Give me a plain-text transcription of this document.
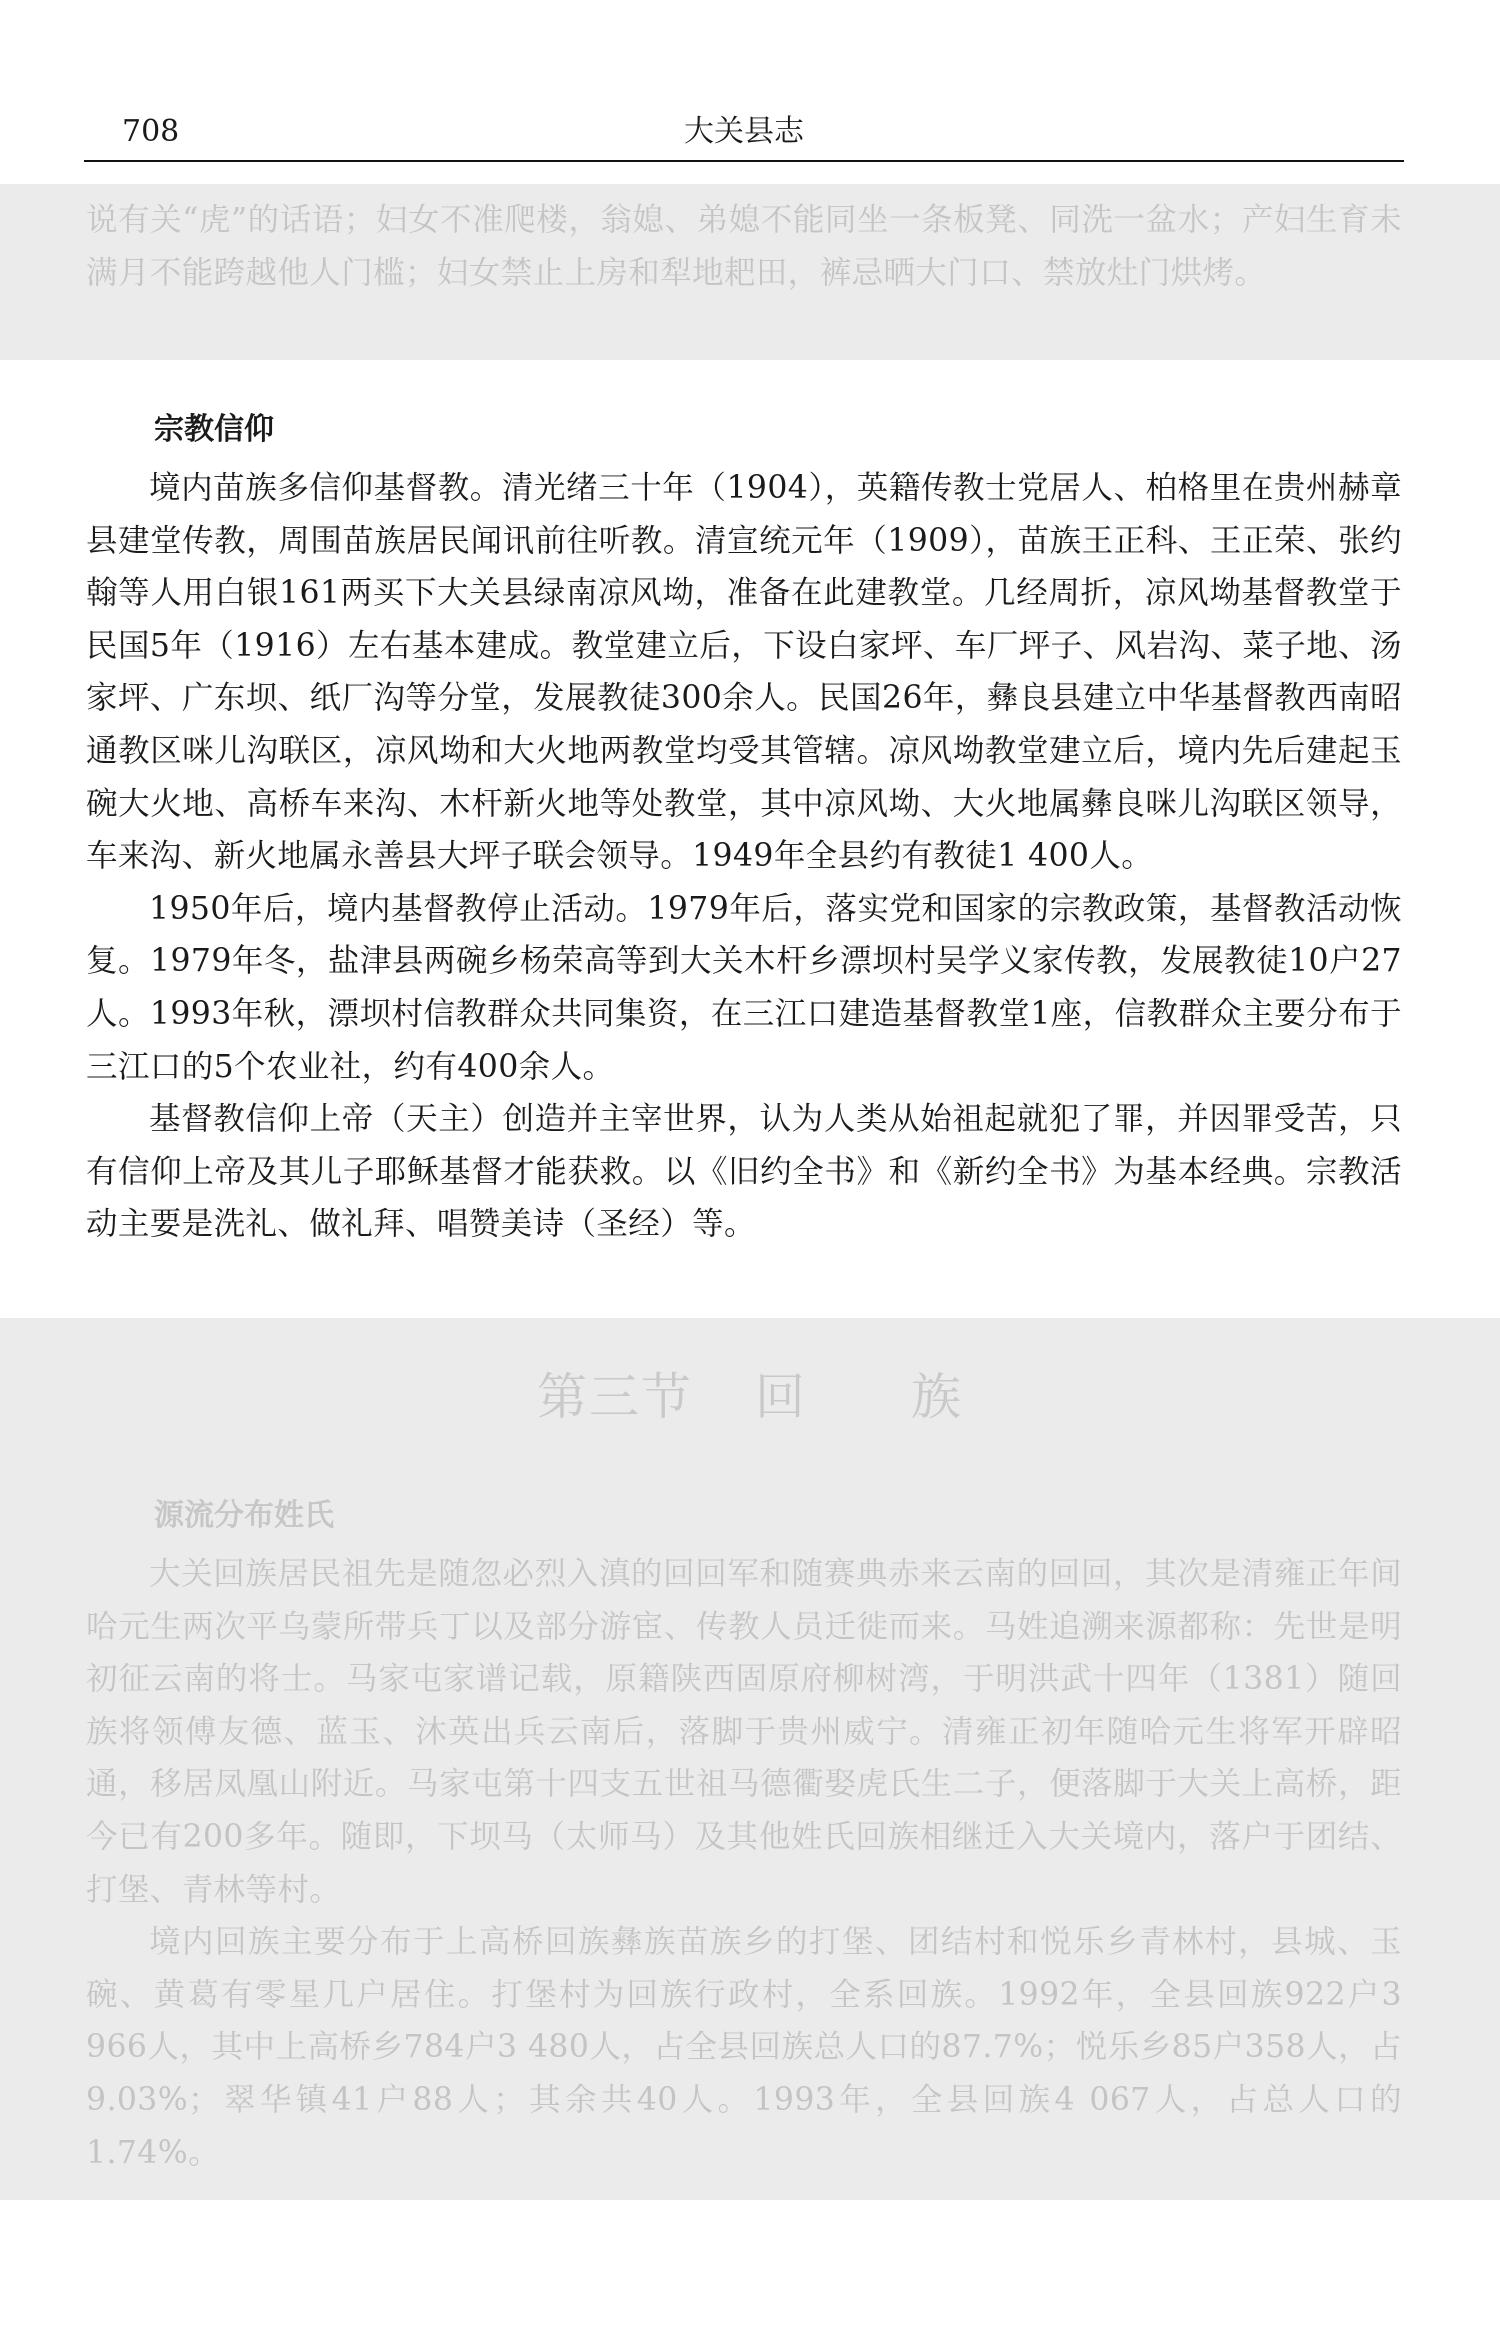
708	大关县志

说有关“虎”的话语；妇女不准爬楼，翁媳、弟媳不能同坐一条板凳、同洗一盆水；产妇生育未满月不能跨越他人门槛；妇女禁止上房和犁地耙田，裤忌晒大门口、禁放灶门烘烤。

宗教信仰

境内苗族多信仰基督教。清光绪三十年（1904），英籍传教士党居人、柏格里在贵州赫章县建堂传教，周围苗族居民闻讯前往听教。清宣统元年（1909），苗族王正科、王正荣、张约翰等人用白银161两买下大关县绿南凉风坳，准备在此建教堂。几经周折，凉风坳基督教堂于民国5年（1916）左右基本建成。教堂建立后，下设白家坪、车厂坪子、风岩沟、菜子地、汤家坪、广东坝、纸厂沟等分堂，发展教徒300余人。民国26年，彝良县建立中华基督教西南昭通教区咪儿沟联区，凉风坳和大火地两教堂均受其管辖。凉风坳教堂建立后，境内先后建起玉碗大火地、高桥车来沟、木杆新火地等处教堂，其中凉风坳、大火地属彝良咪儿沟联区领导，车来沟、新火地属永善县大坪子联会领导。1949年全县约有教徒1 400人。

1950年后，境内基督教停止活动。1979年后，落实党和国家的宗教政策，基督教活动恢复。1979年冬，盐津县两碗乡杨荣高等到大关木杆乡漂坝村吴学义家传教，发展教徒10户27人。1993年秋，漂坝村信教群众共同集资，在三江口建造基督教堂1座，信教群众主要分布于三江口的5个农业社，约有400余人。

基督教信仰上帝（天主）创造并主宰世界，认为人类从始祖起就犯了罪，并因罪受苦，只有信仰上帝及其儿子耶稣基督才能获救。以《旧约全书》和《新约全书》为基本经典。宗教活动主要是洗礼、做礼拜、唱赞美诗（圣经）等。

第三节 回 族
源流分布姓氏

大关回族居民祖先是随忽必烈入滇的回回军和随赛典赤来云南的回回，其次是清雍正年间哈元生两次平乌蒙所带兵丁以及部分游宦、传教人员迁徙而来。马姓追溯来源都称：先世是明初征云南的将士。马家屯家谱记载，原籍陕西固原府柳树湾，于明洪武十四年（1381）随回族将领傅友德、蓝玉、沐英出兵云南后，落脚于贵州威宁。清雍正初年随哈元生将军开辟昭通，移居凤凰山附近。马家屯第十四支五世祖马德衢娶虎氏生二子，便落脚于大关上高桥，距今已有200多年。随即，下坝马（太师马）及其他姓氏回族相继迁入大关境内，落户于团结、打堡、青林等村。

境内回族主要分布于上高桥回族彝族苗族乡的打堡、团结村和悦乐乡青林村，县城、玉碗、黄葛有零星几户居住。打堡村为回族行政村，全系回族。1992年，全县回族922户3 966人，其中上高桥乡784户3 480人，占全县回族总人口的87.7%；悦乐乡85户358人，占9.03%；翠华镇41户88人；其余共40人。1993年，全县回族4 067人，占总人口的1.74%。
